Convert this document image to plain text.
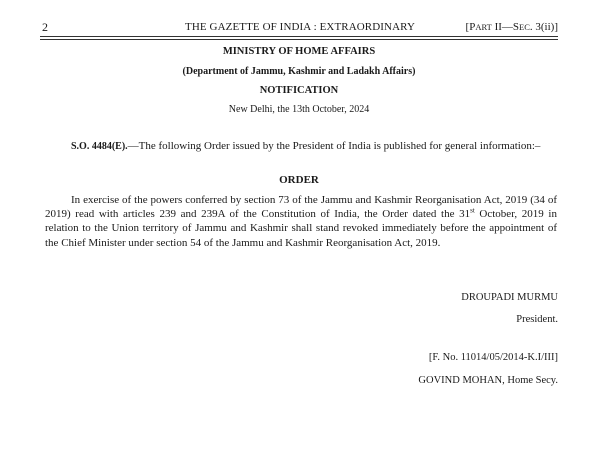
2	THE GAZETTE OF INDIA : EXTRAORDINARY	[PART II—SEC. 3(ii)]
MINISTRY OF HOME AFFAIRS
(Department of Jammu, Kashmir and Ladakh Affairs)
NOTIFICATION
New Delhi, the 13th October, 2024

S.O. 4484(E).—The following Order issued by the President of India is published for general information:–

ORDER

In exercise of the powers conferred by section 73 of the Jammu and Kashmir Reorganisation Act, 2019 (34 of 2019) read with articles 239 and 239A of the Constitution of India, the Order dated the 31st October, 2019 in relation to the Union territory of Jammu and Kashmir shall stand revoked immediately before the appointment of the Chief Minister under section 54 of the Jammu and Kashmir Reorganisation Act, 2019.

DROUPADI MURMU
President.
[F. No. 11014/05/2014-K.I/III]
GOVIND MOHAN, Home Secy.
